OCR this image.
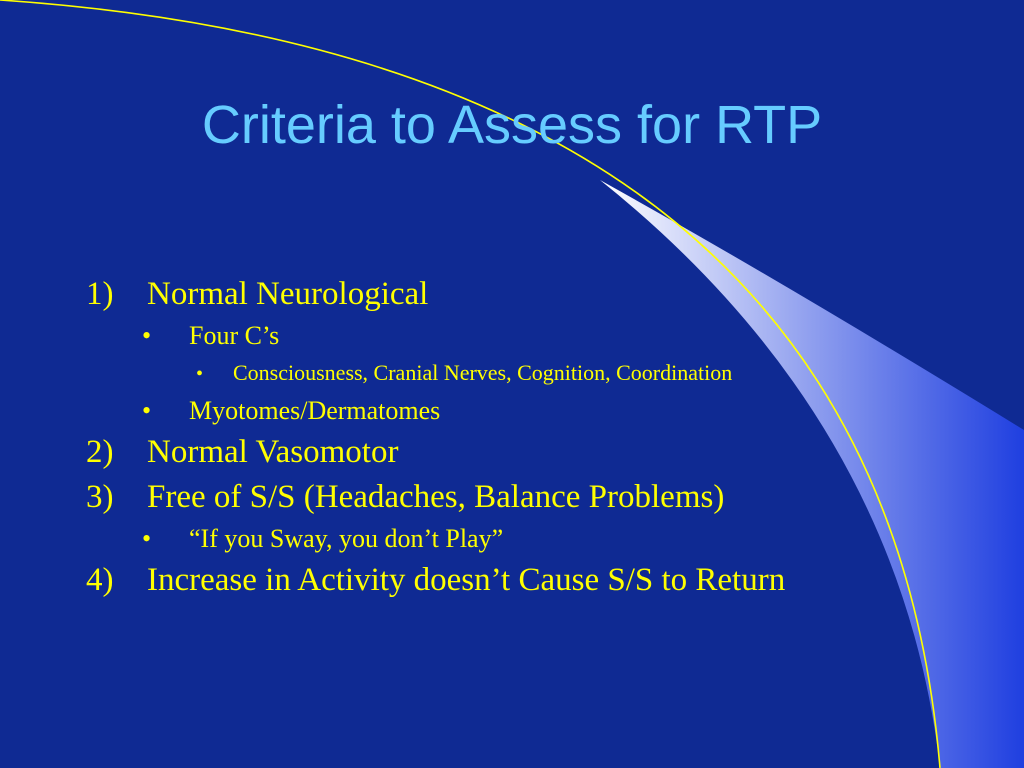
Criteria to Assess for RTP
1)	Normal Neurological
•	Four C’s
•	Consciousness, Cranial Nerves, Cognition, Coordination
•	Myotomes/Dermatomes
2)	Normal Vasomotor
3)	Free of S/S (Headaches, Balance Problems)
•	“If you Sway, you don’t Play”
4)	Increase in Activity doesn’t Cause S/S to Return
